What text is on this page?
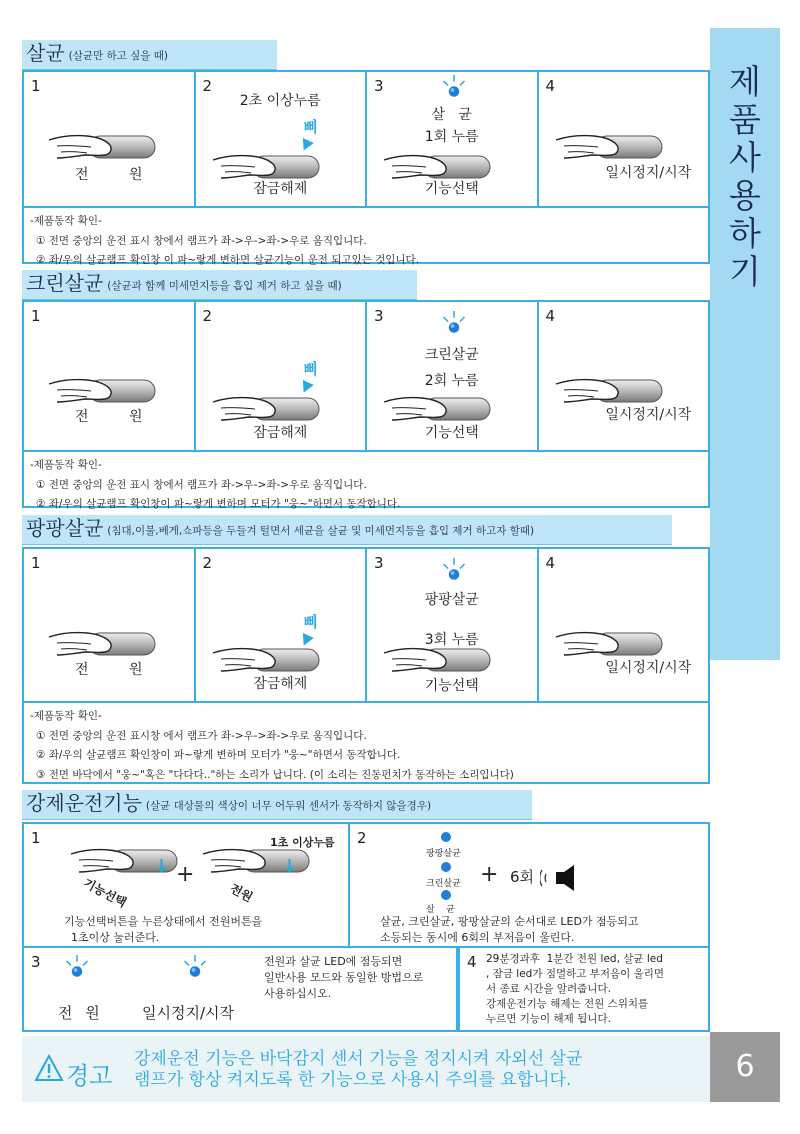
제
품
사
용
하
기
6
살균 (살균만 하고 싶을 때)
1
전 원
2
2초 이상누름
삐
잠금해제
3
살   균
1회 누름
기능선택
4
일시정지/시작
-제품동작 확인-
① 전면 중앙의 운전 표시 창에서 램프가 좌->우->좌->우로 움직입니다.
② 좌/우의 살균램프 확인창 이 파~랗게 변하면 살균기능이 운전 되고있는 것입니다.
크린살균 (살균과 함께 미세먼지등을 흡입 제거 하고 싶을 때)
1
전 원
2
삐
잠금해제
3
크린살균
2회 누름
기능선택
4
일시정지/시작
-제품동작 확인-
① 전면 중앙의 운전 표시 창에서 램프가 좌->우->좌->우로 움직입니다.
② 좌/우의 살균램프 확인창이 파~랗게 변하며 모터가 "웅~"하면서 동작합니다.
팡팡살균 (침대,이불,베게,쇼파등을 두들겨 털면서 세균을 살균 및 미세먼지등을 흡입 제거 하고자 할때)
1
전 원
2
삐
잠금해제
3
팡팡살균
3회 누름
기능선택
4
일시정지/시작
-제품동작 확인-
① 전면 중앙의 운전 표시창 에서 램프가 좌->우->좌->우로 움직입니다.
② 좌/우의 살균램프 확인창이 파~랗게 변하며 모터가 "웅~"하면서 동작합니다.
③ 전면 바닥에서 "웅~"혹은 "다다다.."하는 소리가 납니다. (이 소리는 진동펀치가 동작하는 소리입니다)
강제운전기능 (살균 대상물의 색상이 너무 어두워 센서가 동작하지 않을경우)
1
↓
기능선택
+
1초 이상누름
↓
전원
기능선택버튼을 누른상태에서 전원버튼을
1초이상 눌러준다.
2
팡팡살균
크린살균
살    균
+ 6회
살균, 크린살균, 팡팡살균의 순서대로 LED가 점등되고
소등되는 동시에 6회의 부저음이 울린다.
3
전 원	일시정지/시작
전원과 살균 LED에 점등되면
일반사용 모드와 동일한 방법으로
사용하십시오.
4 29분경과후  1분간 전원 led, 살균 led
, 잠금 led가 점멸하고 부저음이 울리면
서 종료 시간을 알려줍니다.
강제운전기능 해제는 전원 스위치를
누르면 기능이 해제 됩니다.
경고
강제운전 기능은 바닥감지 센서 기능을 정지시켜 자외선 살균
램프가 항상 켜지도록 한 기능으로 사용시 주의를 요합니다.
